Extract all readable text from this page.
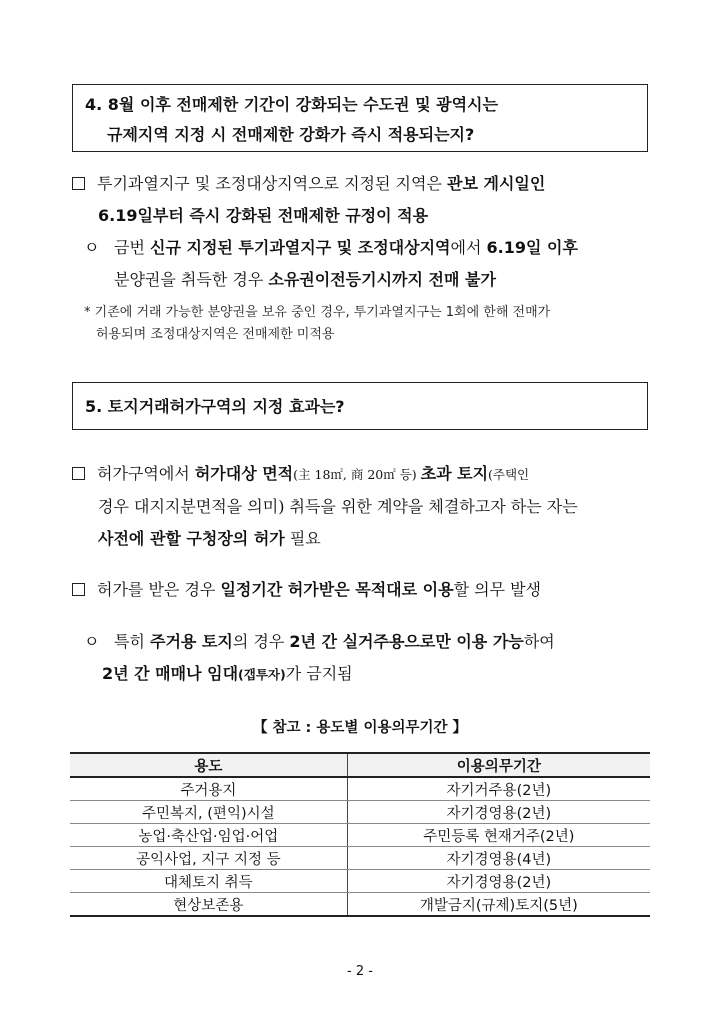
4. 8월 이후 전매제한 기간이 강화되는 수도권 및 광역시는
규제지역 지정 시 전매제한 강화가 즉시 적용되는지?
투기과열지구 및 조정대상지역으로 지정된 지역은 관보 게시일인
6.19일부터 즉시 강화된 전매제한 규정이 적용
ㅇ 금번 신규 지정된 투기과열지구 및 조정대상지역에서 6.19일 이후
분양권을 취득한 경우 소유권이전등기시까지 전매 불가
* 기존에 거래 가능한 분양권을 보유 중인 경우, 투기과열지구는 1회에 한해 전매가
허용되며 조정대상지역은 전매제한 미적용
5. 토지거래허가구역의 지정 효과는?
허가구역에서 허가대상 면적(主 18㎡, 商 20㎡ 등) 초과 토지(주택인
경우 대지지분면적을 의미) 취득을 위한 계약을 체결하고자 하는 자는
사전에 관할 구청장의 허가 필요
허가를 받은 경우 일정기간 허가받은 목적대로 이용할 의무 발생
ㅇ 특히 주거용 토지의 경우 2년 간 실거주용으로만 이용 가능하여
2년 간 매매나 임대(갭투자)가 금지됨
【 참고 : 용도별 이용의무기간 】
용도	이용의무기간
주거용지	자기거주용(2년)
주민복지, (편익)시설	자기경영용(2년)
농업·축산업·임업·어업	주민등록 현재거주(2년)
공익사업, 지구 지정 등	자기경영용(4년)
대체토지 취득	자기경영용(2년)
현상보존용	개발금지(규제)토지(5년)
- 2 -
